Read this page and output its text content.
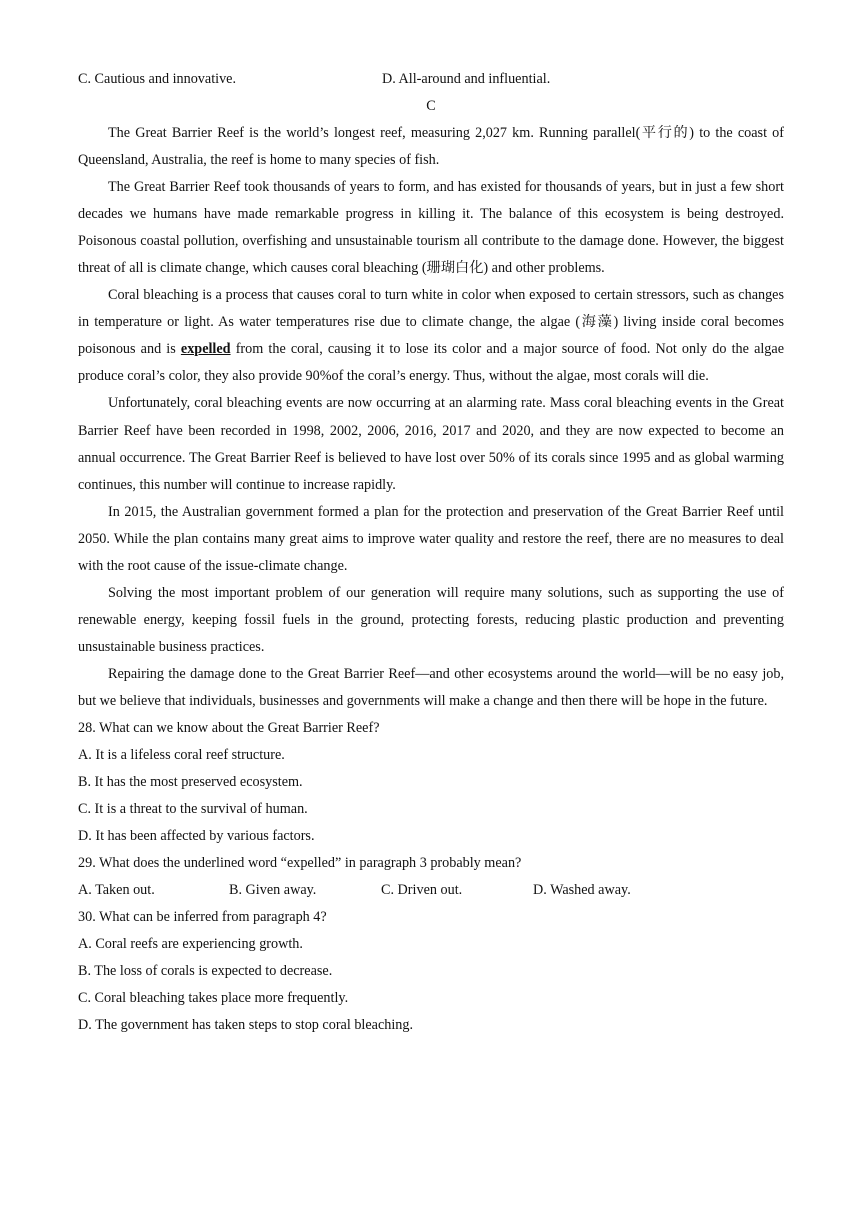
C. Cautious and innovative.	D. All-around and influential.
C

The Great Barrier Reef is the world’s longest reef, measuring 2,027 km. Running parallel(平行的) to the coast of Queensland, Australia, the reef is home to many species of fish.

The Great Barrier Reef took thousands of years to form, and has existed for thousands of years, but in just a few short decades we humans have made remarkable progress in killing it. The balance of this ecosystem is being destroyed. Poisonous coastal pollution, overfishing and unsustainable tourism all contribute to the damage done. However, the biggest threat of all is climate change, which causes coral bleaching (珊瑚白化) and other problems.

Coral bleaching is a process that causes coral to turn white in color when exposed to certain stressors, such as changes in temperature or light. As water temperatures rise due to climate change, the algae (海藻) living inside coral becomes poisonous and is expelled from the coral, causing it to lose its color and a major source of food. Not only do the algae produce coral’s color, they also provide 90%of the coral’s energy. Thus, without the algae, most corals will die.

Unfortunately, coral bleaching events are now occurring at an alarming rate. Mass coral bleaching events in the Great Barrier Reef have been recorded in 1998, 2002, 2006, 2016, 2017 and 2020, and they are now expected to become an annual occurrence. The Great Barrier Reef is believed to have lost over 50% of its corals since 1995 and as global warming continues, this number will continue to increase rapidly.

In 2015, the Australian government formed a plan for the protection and preservation of the Great Barrier Reef until 2050. While the plan contains many great aims to improve water quality and restore the reef, there are no measures to deal with the root cause of the issue-climate change.

Solving the most important problem of our generation will require many solutions, such as supporting the use of renewable energy, keeping fossil fuels in the ground, protecting forests, reducing plastic production and preventing unsustainable business practices.

Repairing the damage done to the Great Barrier Reef—and other ecosystems around the world—will be no easy job, but we believe that individuals, businesses and governments will make a change and then there will be hope in the future.

28. What can we know about the Great Barrier Reef?
A. It is a lifeless coral reef structure.
B. It has the most preserved ecosystem.
C. It is a threat to the survival of human.
D. It has been affected by various factors.
29. What does the underlined word “expelled” in paragraph 3 probably mean?
A. Taken out.	B. Given away.	C. Driven out.	D. Washed away.
30. What can be inferred from paragraph 4?
A. Coral reefs are experiencing growth.
B. The loss of corals is expected to decrease.
C. Coral bleaching takes place more frequently.
D. The government has taken steps to stop coral bleaching.
